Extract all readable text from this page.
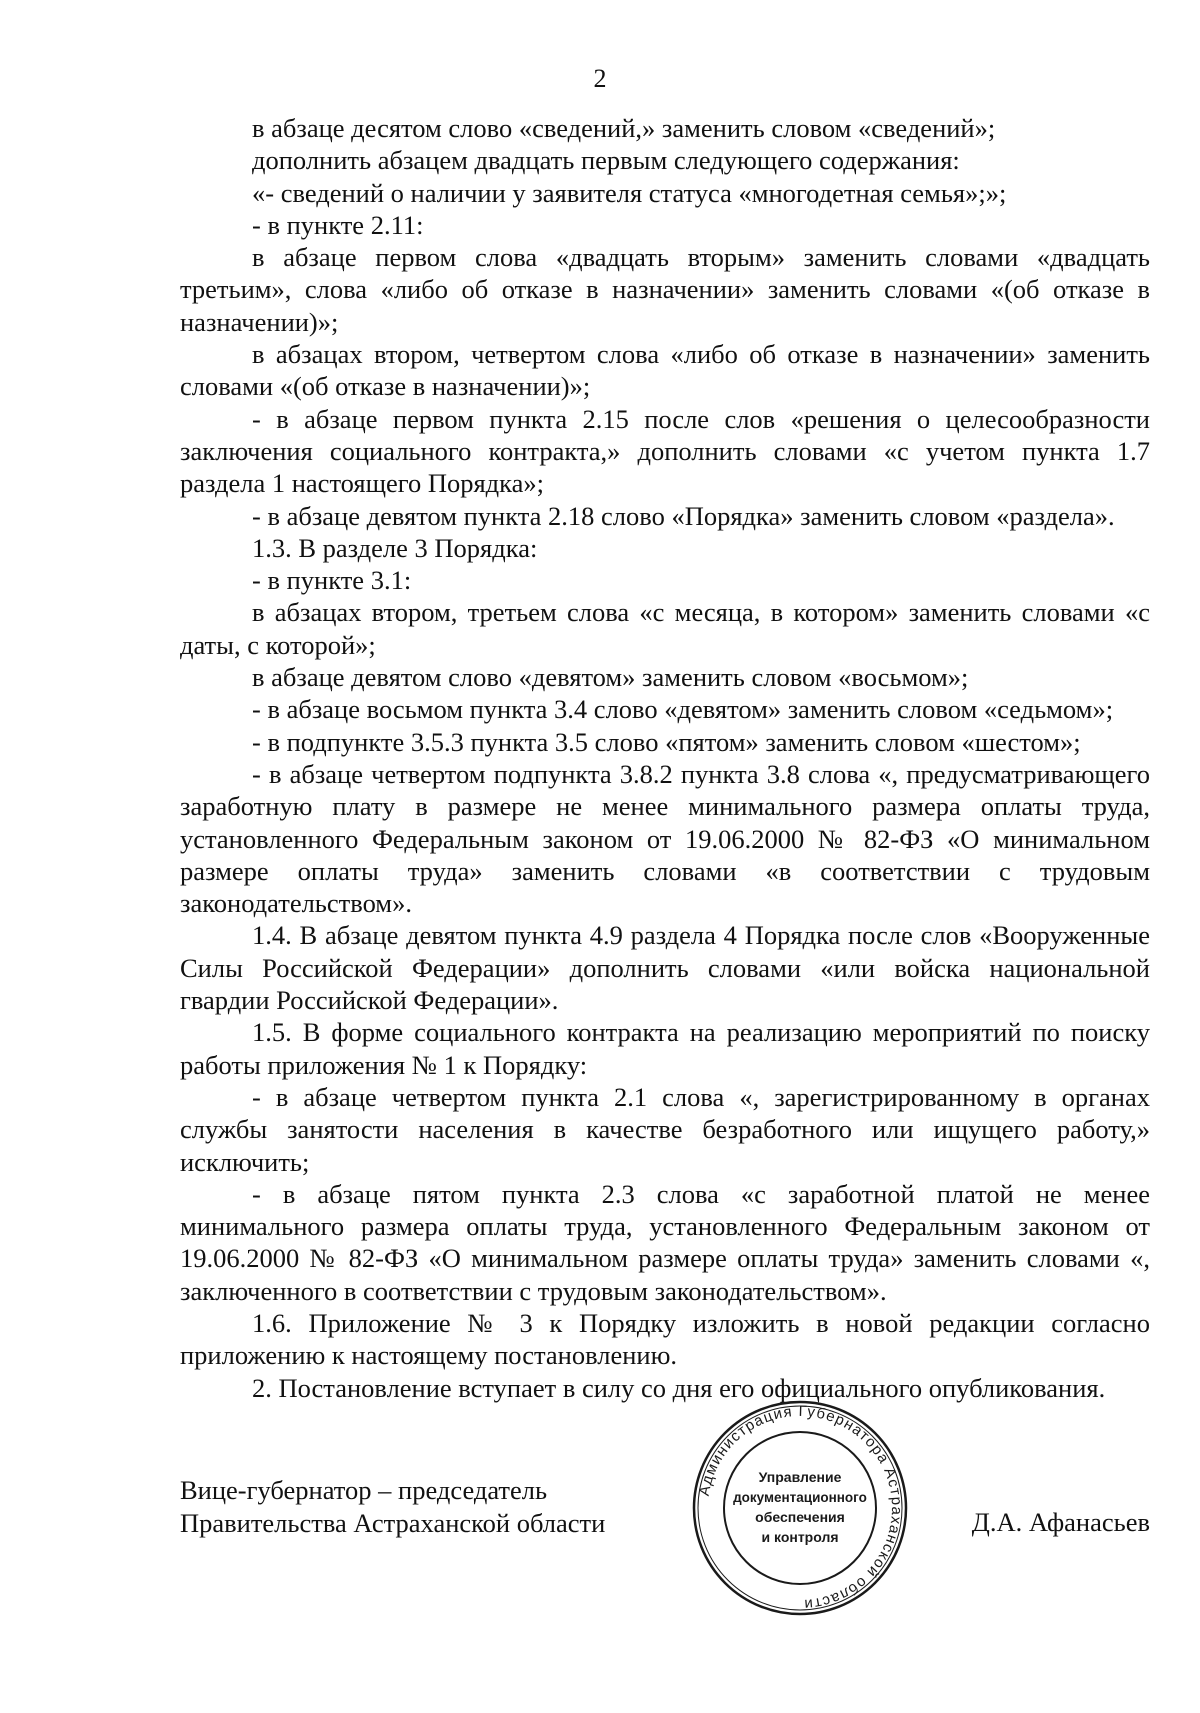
2

в абзаце десятом слово «сведений,» заменить словом «сведений»;

дополнить абзацем двадцать первым следующего содержания:

«- сведений о наличии у заявителя статуса «многодетная семья»;»;

- в пункте 2.11:

в абзаце первом слова «двадцать вторым» заменить словами «двадцать третьим», слова «либо об отказе в назначении» заменить словами «(об отказе в назначении)»;

в абзацах втором, четвертом слова «либо об отказе в назначении» заменить словами «(об отказе в назначении)»;

- в абзаце первом пункта 2.15 после слов «решения о целесообразности заключения социального контракта,» дополнить словами «с учетом пункта 1.7 раздела 1 настоящего Порядка»;

- в абзаце девятом пункта 2.18 слово «Порядка» заменить словом «раздела».

1.3. В разделе 3 Порядка:

- в пункте 3.1:

в абзацах втором, третьем слова «с месяца, в котором» заменить словами «с даты, с которой»;

в абзаце девятом слово «девятом» заменить словом «восьмом»;

- в абзаце восьмом пункта 3.4 слово «девятом» заменить словом «седьмом»;

- в подпункте 3.5.3 пункта 3.5 слово «пятом» заменить словом «шестом»;

- в абзаце четвертом подпункта 3.8.2 пункта 3.8 слова «, предусматривающего заработную плату в размере не менее минимального размера оплаты труда, установленного Федеральным законом от 19.06.2000 № 82-ФЗ «О минимальном размере оплаты труда» заменить словами «в соответствии с трудовым законодательством».

1.4. В абзаце девятом пункта 4.9 раздела 4 Порядка после слов «Вооруженные Силы Российской Федерации» дополнить словами «или войска национальной гвардии Российской Федерации».

1.5. В форме социального контракта на реализацию мероприятий по поиску работы приложения № 1 к Порядку:

- в абзаце четвертом пункта 2.1 слова «, зарегистрированному в органах службы занятости населения в качестве безработного или ищущего работу,» исключить;

- в абзаце пятом пункта 2.3 слова «с заработной платой не менее минимального размера оплаты труда, установленного Федеральным законом от 19.06.2000 № 82-ФЗ «О минимальном размере оплаты труда» заменить словами «, заключенного в соответствии с трудовым законодательством».

1.6. Приложение № 3 к Порядку изложить в новой редакции согласно приложению к настоящему постановлению.

2. Постановление вступает в силу со дня его официального опубликования.

Вице-губернатор – председатель
Правительства Астраханской области
Администрация Губернатора Астраханской области
Управление
документационного
обеспечения
и контроля	Д.А. Афанасьев
